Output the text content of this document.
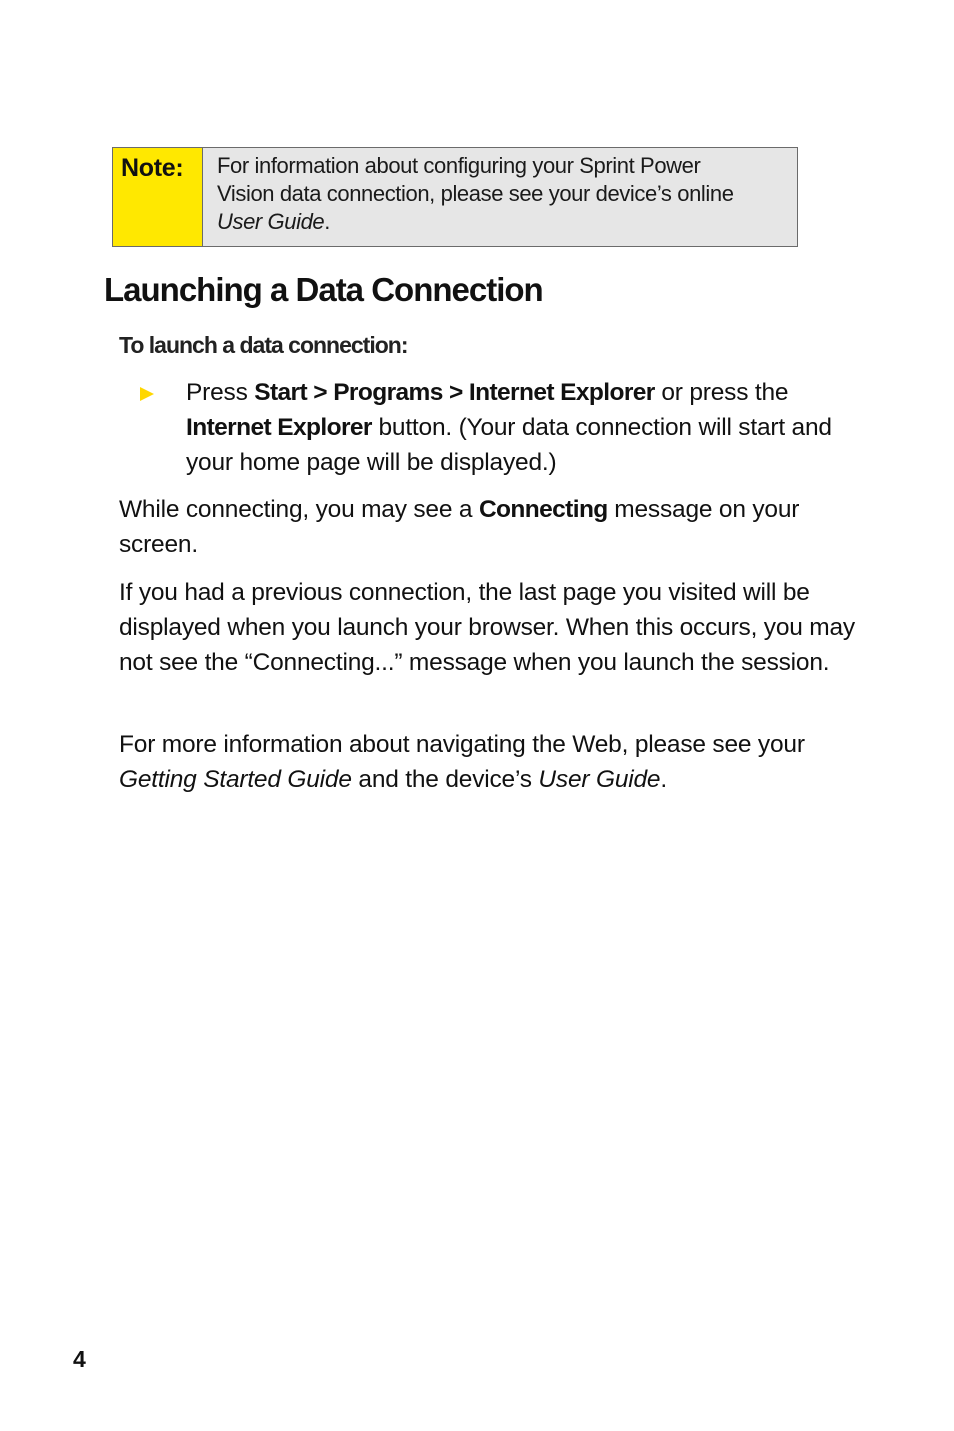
Note:	For information about configuring your Sprint Power
Vision data connection, please see your device’s online
User Guide.
Launching a Data Connection
To launch a data connection:
Press Start > Programs > Internet Explorer or press the Internet Explorer button. (Your data connection will start and your home page will be displayed.)

While connecting, you may see a Connecting message on your screen.

If you had a previous connection, the last page you visited will be displayed when you launch your browser. When this occurs, you may not see the “Connecting...” message when you launch the session.

For more information about navigating the Web, please see your Getting Started Guide and the device’s User Guide.

4
